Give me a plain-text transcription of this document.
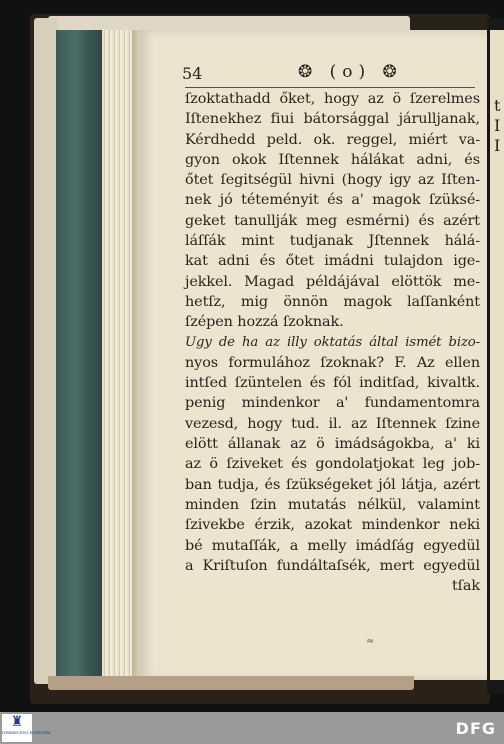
t
I
I
54	❂ (o) ❂
ſzoktathadd őket, hogy az ö ſzerelmes
Iſtenekhez fiui bátorsággal járulljanak,
Kérdhedd peld. ok. reggel, miért va-
gyon okok Iſtennek hálákat adni, és
őtet ſegitségül hivni (hogy igy az Iſten-
nek jó téteményit és a' magok ſzüksé-
geket tanullják meg esmérni) és azért
láſſák mint tudjanak Jſtennek hálá-
kat adni és őtet imádni tulajdon ige-
jekkel. Magad példájával elöttök me-
hetſz, mig önnön magok laſſanként
ſzépen hozzá ſzoknak.
Ugy de ha az illy oktatás által ismét bizo-
nyos formulához ſzoknak? F. Az ellen
intſed ſzüntelen és fól inditſad, kivaltk.
penig mindenkor a' fundamentomra
vezesd, hogy tud. il. az Iſtennek ſzine
elött állanak az ö imádságokba, a' ki
az ö ſziveket és gondolatjokat leg job-
ban tudja, és ſzükségeket jól látja, azért
minden ſzin mutatás nélkül, valamint
ſzivekbe érzik, azokat mindenkor neki
bé mutaſſák, a melly imádſág egyedül
a Kriſtuſon fundáltaſsék, mert egyedül
tſak
≈
♜
DEBRECENI EGYETEM	DFG
